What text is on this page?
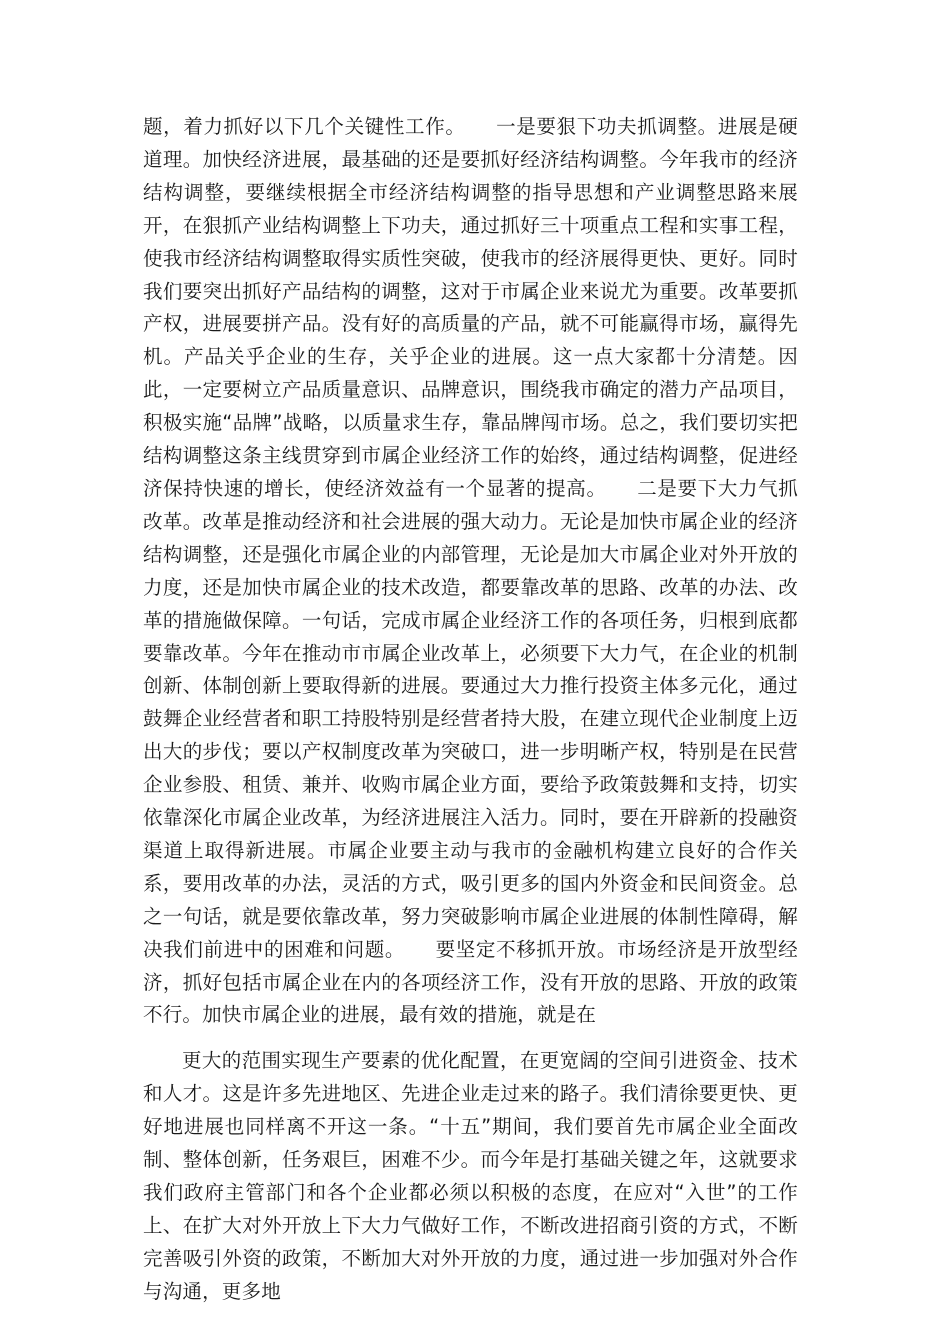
题，着力抓好以下几个关键性工作。　　一是要狠下功夫抓调整。进展是硬道理。加快经济进展，最基础的还是要抓好经济结构调整。今年我市的经济结构调整，要继续根据全市经济结构调整的指导思想和产业调整思路来展开，在狠抓产业结构调整上下功夫，通过抓好三十项重点工程和实事工程，使我市经济结构调整取得实质性突破，使我市的经济展得更快、更好。同时我们要突出抓好产品结构的调整，这对于市属企业来说尤为重要。改革要抓产权，进展要拼产品。没有好的高质量的产品，就不可能赢得市场，赢得先机。产品关乎企业的生存，关乎企业的进展。这一点大家都十分清楚。因此，一定要树立产品质量意识、品牌意识，围绕我市确定的潜力产品项目，积极实施“品牌”战略，以质量求生存，靠品牌闯市场。总之，我们要切实把结构调整这条主线贯穿到市属企业经济工作的始终，通过结构调整，促进经济保持快速的增长，使经济效益有一个显著的提高。　　二是要下大力气抓改革。改革是推动经济和社会进展的强大动力。无论是加快市属企业的经济结构调整，还是强化市属企业的内部管理，无论是加大市属企业对外开放的力度，还是加快市属企业的技术改造，都要靠改革的思路、改革的办法、改革的措施做保障。一句话，完成市属企业经济工作的各项任务，归根到底都要靠改革。今年在推动市市属企业改革上，必须要下大力气，在企业的机制创新、体制创新上要取得新的进展。要通过大力推行投资主体多元化，通过鼓舞企业经营者和职工持股特别是经营者持大股，在建立现代企业制度上迈出大的步伐；要以产权制度改革为突破口，进一步明晰产权，特别是在民营企业参股、租赁、兼并、收购市属企业方面，要给予政策鼓舞和支持，切实依靠深化市属企业改革，为经济进展注入活力。同时，要在开辟新的投融资渠道上取得新进展。市属企业要主动与我市的金融机构建立良好的合作关系，要用改革的办法，灵活的方式，吸引更多的国内外资金和民间资金。总之一句话，就是要依靠改革，努力突破影响市属企业进展的体制性障碍，解决我们前进中的困难和问题。　　要坚定不移抓开放。市场经济是开放型经济，抓好包括市属企业在内的各项经济工作，没有开放的思路、开放的政策不行。加快市属企业的进展，最有效的措施，就是在

更大的范围实现生产要素的优化配置，在更宽阔的空间引进资金、技术和人才。这是许多先进地区、先进企业走过来的路子。我们清徐要更快、更好地进展也同样离不开这一条。“十五”期间，我们要首先市属企业全面改制、整体创新，任务艰巨，困难不少。而今年是打基础关键之年，这就要求我们政府主管部门和各个企业都必须以积极的态度，在应对“入世”的工作上、在扩大对外开放上下大力气做好工作，不断改进招商引资的方式，不断完善吸引外资的政策，不断加大对外开放的力度，通过进一步加强对外合作与沟通，更多地
